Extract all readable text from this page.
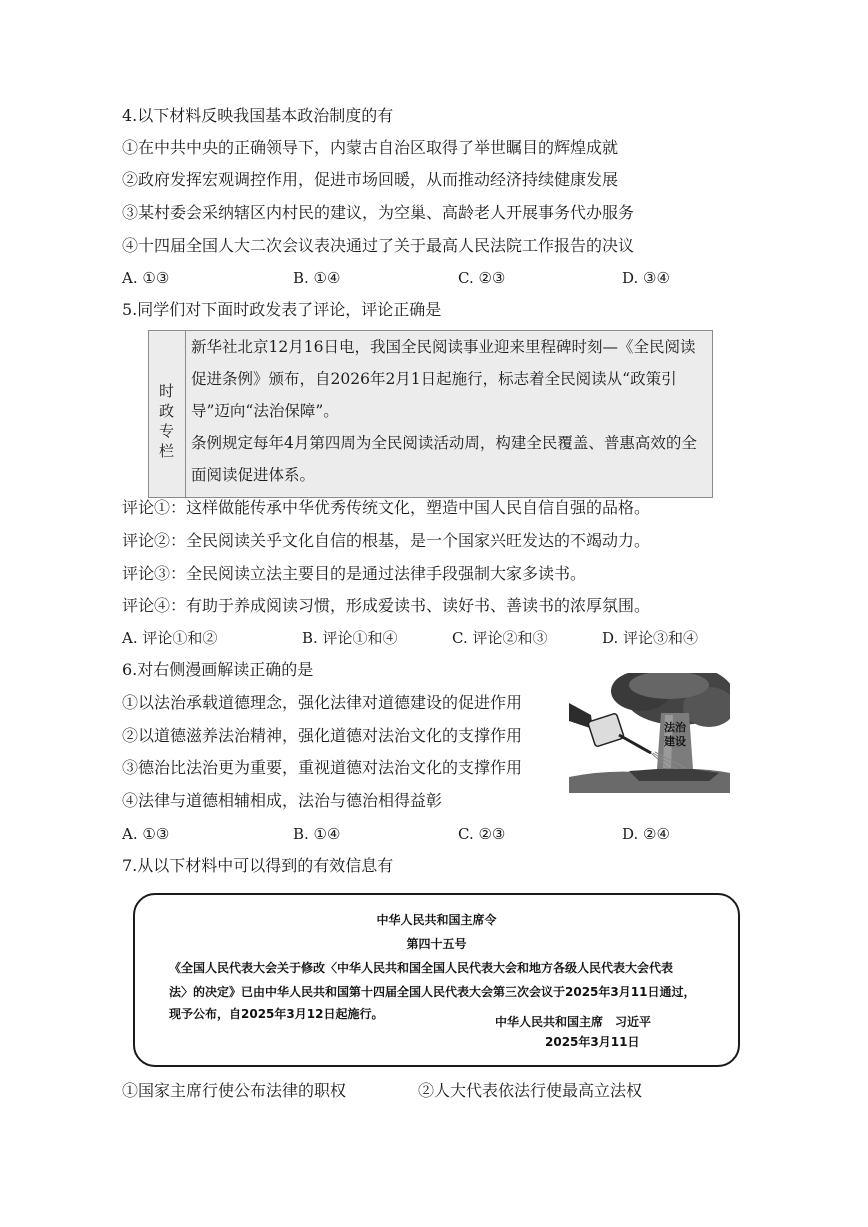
4.以下材料反映我国基本政治制度的有
①在中共中央的正确领导下，内蒙古自治区取得了举世瞩目的辉煌成就
②政府发挥宏观调控作用，促进市场回暖，从而推动经济持续健康发展
③某村委会采纳辖区内村民的建议，为空巢、高龄老人开展事务代办服务
④十四届全国人大二次会议表决通过了关于最高人民法院工作报告的决议
A. ①③	B. ①④	C. ②③	D. ③④
5.同学们对下面时政发表了评论，评论正确是
时政专栏

新华社北京12月16日电，我国全民阅读事业迎来里程碑时刻—《全民阅读促进条例》颁布，自2026年2月1日起施行，标志着全民阅读从“政策引导”迈向“法治保障”。

条例规定每年4月第四周为全民阅读活动周，构建全民覆盖、普惠高效的全面阅读促进体系。

评论①：这样做能传承中华优秀传统文化，塑造中国人民自信自强的品格。
评论②：全民阅读关乎文化自信的根基，是一个国家兴旺发达的不竭动力。
评论③：全民阅读立法主要目的是通过法律手段强制大家多读书。
评论④：有助于养成阅读习惯，形成爱读书、读好书、善读书的浓厚氛围。
A. 评论①和②	B. 评论①和④	C. 评论②和③	D. 评论③和④
6.对右侧漫画解读正确的是
①以法治承载道德理念，强化法律对道德建设的促进作用
②以道德滋养法治精神，强化道德对法治文化的支撑作用
③德治比法治更为重要，重视道德对法治文化的支撑作用
④法律与道德相辅相成，法治与德治相得益彰
法治
建设
A. ①③	B. ①④	C. ②③	D. ②④
7.从以下材料中可以得到的有效信息有
中华人民共和国主席令
第四十五号
《全国人民代表大会关于修改〈中华人民共和国全国人民代表大会和地方各级人民代表大会代表
法〉的决定》已由中华人民共和国第十四届全国人民代表大会第三次会议于2025年3月11日通过，
现予公布，自2025年3月12日起施行。
中华人民共和国主席　习近平
2025年3月11日
①国家主席行使公布法律的职权	②人大代表依法行使最高立法权
